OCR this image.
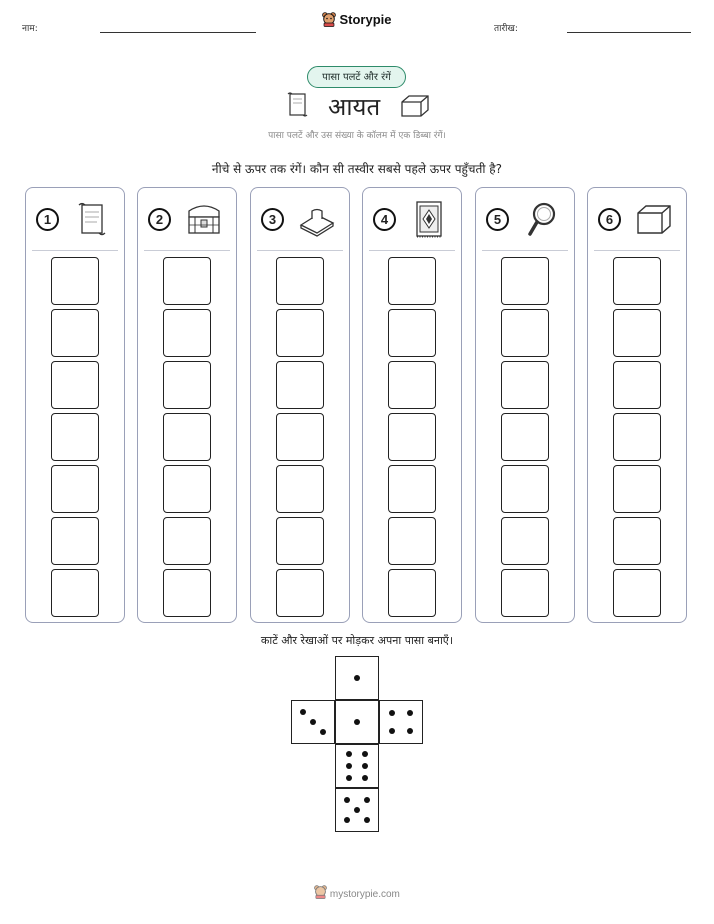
नाम:	तारीख:
Storypie
पासा पलटें और रंगें
आयत
पासा पलटें और उस संख्या के कॉलम में एक डिब्बा रंगें।
नीचे से ऊपर तक रंगें। कौन सी तस्वीर सबसे पहले ऊपर पहुँचती है?
1	2	3	4	5	6
काटें और रेखाओं पर मोड़कर अपना पासा बनाएँ।
mystorypie.com
